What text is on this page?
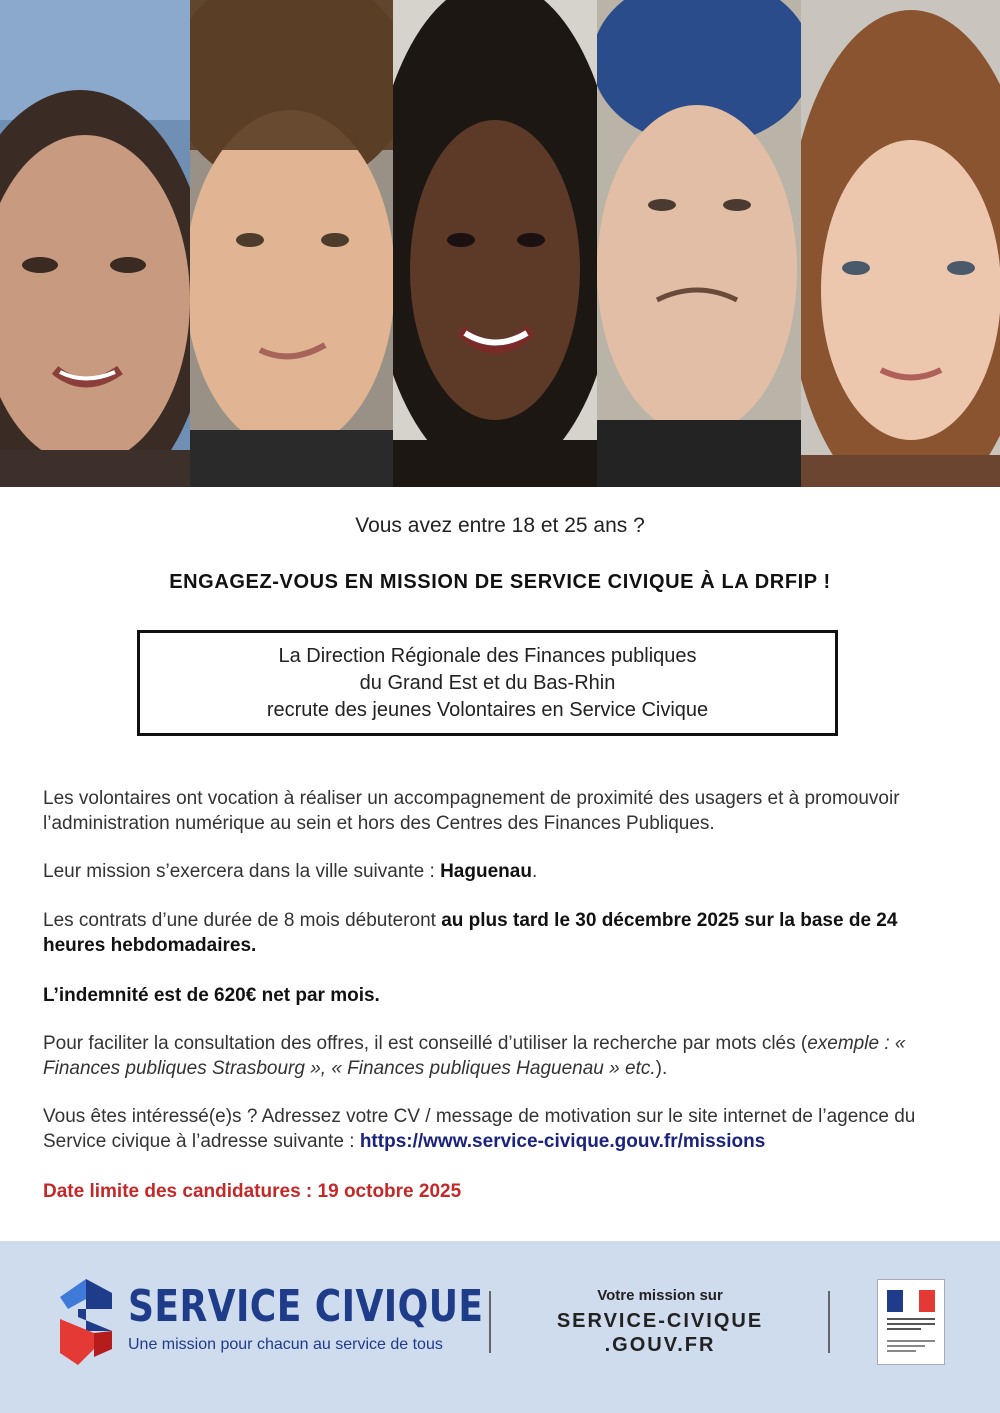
Vous avez entre 18 et 25 ans ?
ENGAGEZ-VOUS EN MISSION DE SERVICE CIVIQUE À LA DRFIP !
La Direction Régionale des Finances publiques
du Grand Est et du Bas-Rhin
recrute des jeunes Volontaires en Service Civique
Les volontaires ont vocation à réaliser un accompagnement de proximité des usagers et à promouvoir l’administration numérique au sein et hors des Centres des Finances Publiques.
Leur mission s’exercera dans la ville suivante : Haguenau.
Les contrats d’une durée de 8 mois débuteront au plus tard le 30 décembre 2025 sur la base de 24 heures hebdomadaires.
L’indemnité est de 620€ net par mois.
Pour faciliter la consultation des offres, il est conseillé d’utiliser la recherche par mots clés (exemple : « Finances publiques Strasbourg », « Finances publiques Haguenau » etc.).
Vous êtes intéressé(e)s ? Adressez votre CV / message de motivation sur le site internet de l’agence du Service civique à l’adresse suivante : https://www.service-civique.gouv.fr/missions
Date limite des candidatures : 19 octobre 2025
SERVICE CIVIQUE
Une mission pour chacun au service de tous
Votre mission sur
SERVICE-CIVIQUE
.GOUV.FR
